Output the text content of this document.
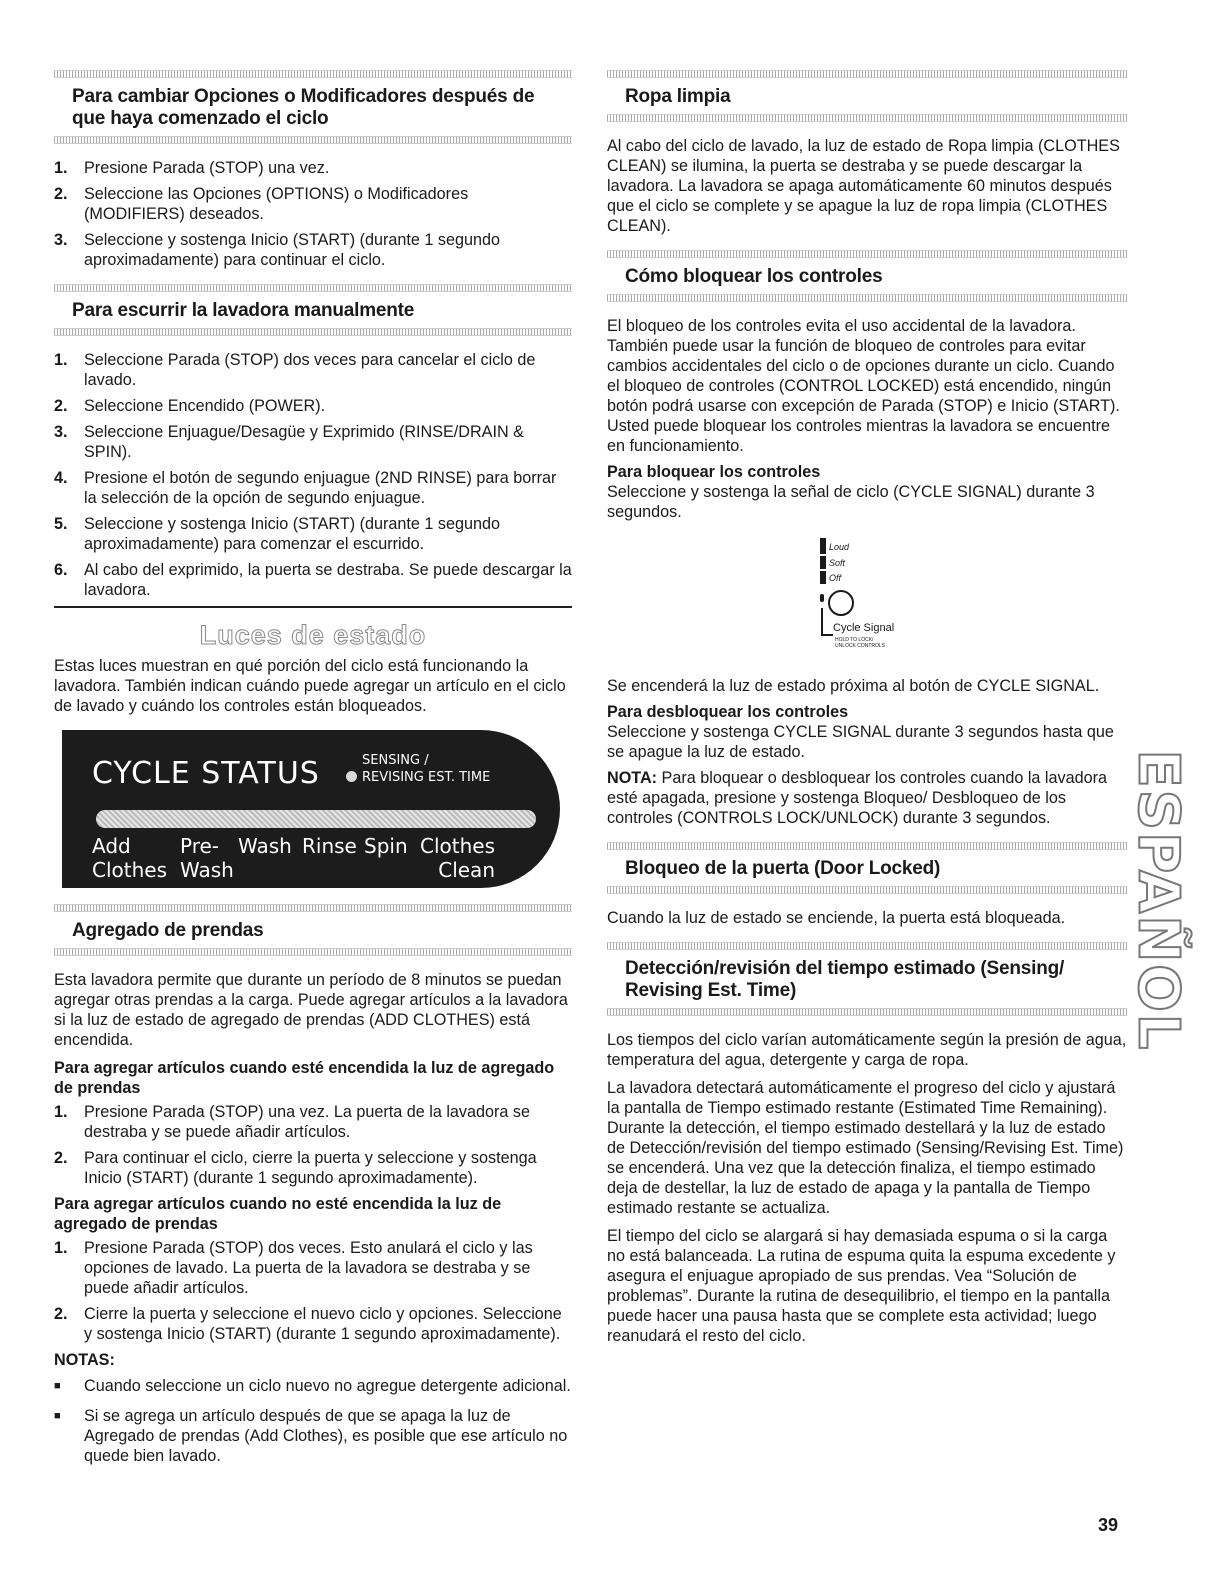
Para cambiar Opciones o Modificadores después de que haya comenzado el ciclo
1.	Presione Parada (STOP) una vez.
2.	Seleccione las Opciones (OPTIONS) o Modificadores (MODIFIERS) deseados.
3.	Seleccione y sostenga Inicio (START) (durante 1 segundo aproximadamente) para continuar el ciclo.
Para escurrir la lavadora manualmente
1.	Seleccione Parada (STOP) dos veces para cancelar el ciclo de lavado.
2.	Seleccione Encendido (POWER).
3.	Seleccione Enjuague/Desagüe y Exprimido (RINSE/DRAIN & SPIN).
4.	Presione el botón de segundo enjuague (2ND RINSE) para borrar la selección de la opción de segundo enjuague.
5.	Seleccione y sostenga Inicio (START) (durante 1 segundo aproximadamente) para comenzar el escurrido.
6.	Al cabo del exprimido, la puerta se destraba. Se puede descargar la lavadora.
Luces de estado

Estas luces muestran en qué porción del ciclo está funcionando la lavadora. También indican cuándo puede agregar un artículo en el ciclo de lavado y cuándo los controles están bloqueados.

CYCLE STATUS	SENSING /
REVISING EST. TIME
Add
Clothes
Pre-
Wash
Wash Rinse Spin Clothes
Clean
Agregado de prendas

Esta lavadora permite que durante un período de 8 minutos se puedan agregar otras prendas a la carga. Puede agregar artículos a la lavadora si la luz de estado de agregado de prendas (ADD CLOTHES) está encendida.

Para agregar artículos cuando esté encendida la luz de agregado de prendas

1.	Presione Parada (STOP) una vez. La puerta de la lavadora se destraba y se puede añadir artículos.
2.	Para continuar el ciclo, cierre la puerta y seleccione y sostenga Inicio (START) (durante 1 segundo aproximadamente).

Para agregar artículos cuando no esté encendida la luz de agregado de prendas

1.	Presione Parada (STOP) dos veces. Esto anulará el ciclo y las opciones de lavado. La puerta de la lavadora se destraba y se puede añadir artículos.
2.	Cierre la puerta y seleccione el nuevo ciclo y opciones. Seleccione y sostenga Inicio (START) (durante 1 segundo aproximadamente).

NOTAS:

■	Cuando seleccione un ciclo nuevo no agregue detergente adicional.
■	Si se agrega un artículo después de que se apaga la luz de Agregado de prendas (Add Clothes), es posible que ese artículo no quede bien lavado.
Ropa limpia

Al cabo del ciclo de lavado, la luz de estado de Ropa limpia (CLOTHES CLEAN) se ilumina, la puerta se destraba y se puede descargar la lavadora. La lavadora se apaga automáticamente 60 minutos después que el ciclo se complete y se apague la luz de ropa limpia (CLOTHES CLEAN).

Cómo bloquear los controles

El bloqueo de los controles evita el uso accidental de la lavadora. También puede usar la función de bloqueo de controles para evitar cambios accidentales del ciclo o de opciones durante un ciclo. Cuando el bloqueo de controles (CONTROL LOCKED) está encendido, ningún botón podrá usarse con excepción de Parada (STOP) e Inicio (START). Usted puede bloquear los controles mientras la lavadora se encuentre en funcionamiento.

Para bloquear los controles

Seleccione y sostenga la señal de ciclo (CYCLE SIGNAL) durante 3 segundos.

Loud
Soft
Off
Cycle Signal
HOLD TO LOCK/
UNLOCK CONTROLS

Se encenderá la luz de estado próxima al botón de CYCLE SIGNAL.

Para desbloquear los controles

Seleccione y sostenga CYCLE SIGNAL durante 3 segundos hasta que se apague la luz de estado.

NOTA: Para bloquear o desbloquear los controles cuando la lavadora esté apagada, presione y sostenga Bloqueo/ Desbloqueo de los controles (CONTROLS LOCK/UNLOCK) durante 3 segundos.

Bloqueo de la puerta (Door Locked)

Cuando la luz de estado se enciende, la puerta está bloqueada.

Detección/revisión del tiempo estimado (Sensing/ Revising Est. Time)

Los tiempos del ciclo varían automáticamente según la presión de agua, temperatura del agua, detergente y carga de ropa.

La lavadora detectará automáticamente el progreso del ciclo y ajustará la pantalla de Tiempo estimado restante (Estimated Time Remaining). Durante la detección, el tiempo estimado destellará y la luz de estado de Detección/revisión del tiempo estimado (Sensing/Revising Est. Time) se encenderá. Una vez que la detección finaliza, el tiempo estimado deja de destellar, la luz de estado de apaga y la pantalla de Tiempo estimado restante se actualiza.

El tiempo del ciclo se alargará si hay demasiada espuma o si la carga no está balanceada. La rutina de espuma quita la espuma excedente y asegura el enjuague apropiado de sus prendas. Vea “Solución de problemas”. Durante la rutina de desequilibrio, el tiempo en la pantalla puede hacer una pausa hasta que se complete esta actividad; luego reanudará el resto del ciclo.

ESPAÑOL
39
